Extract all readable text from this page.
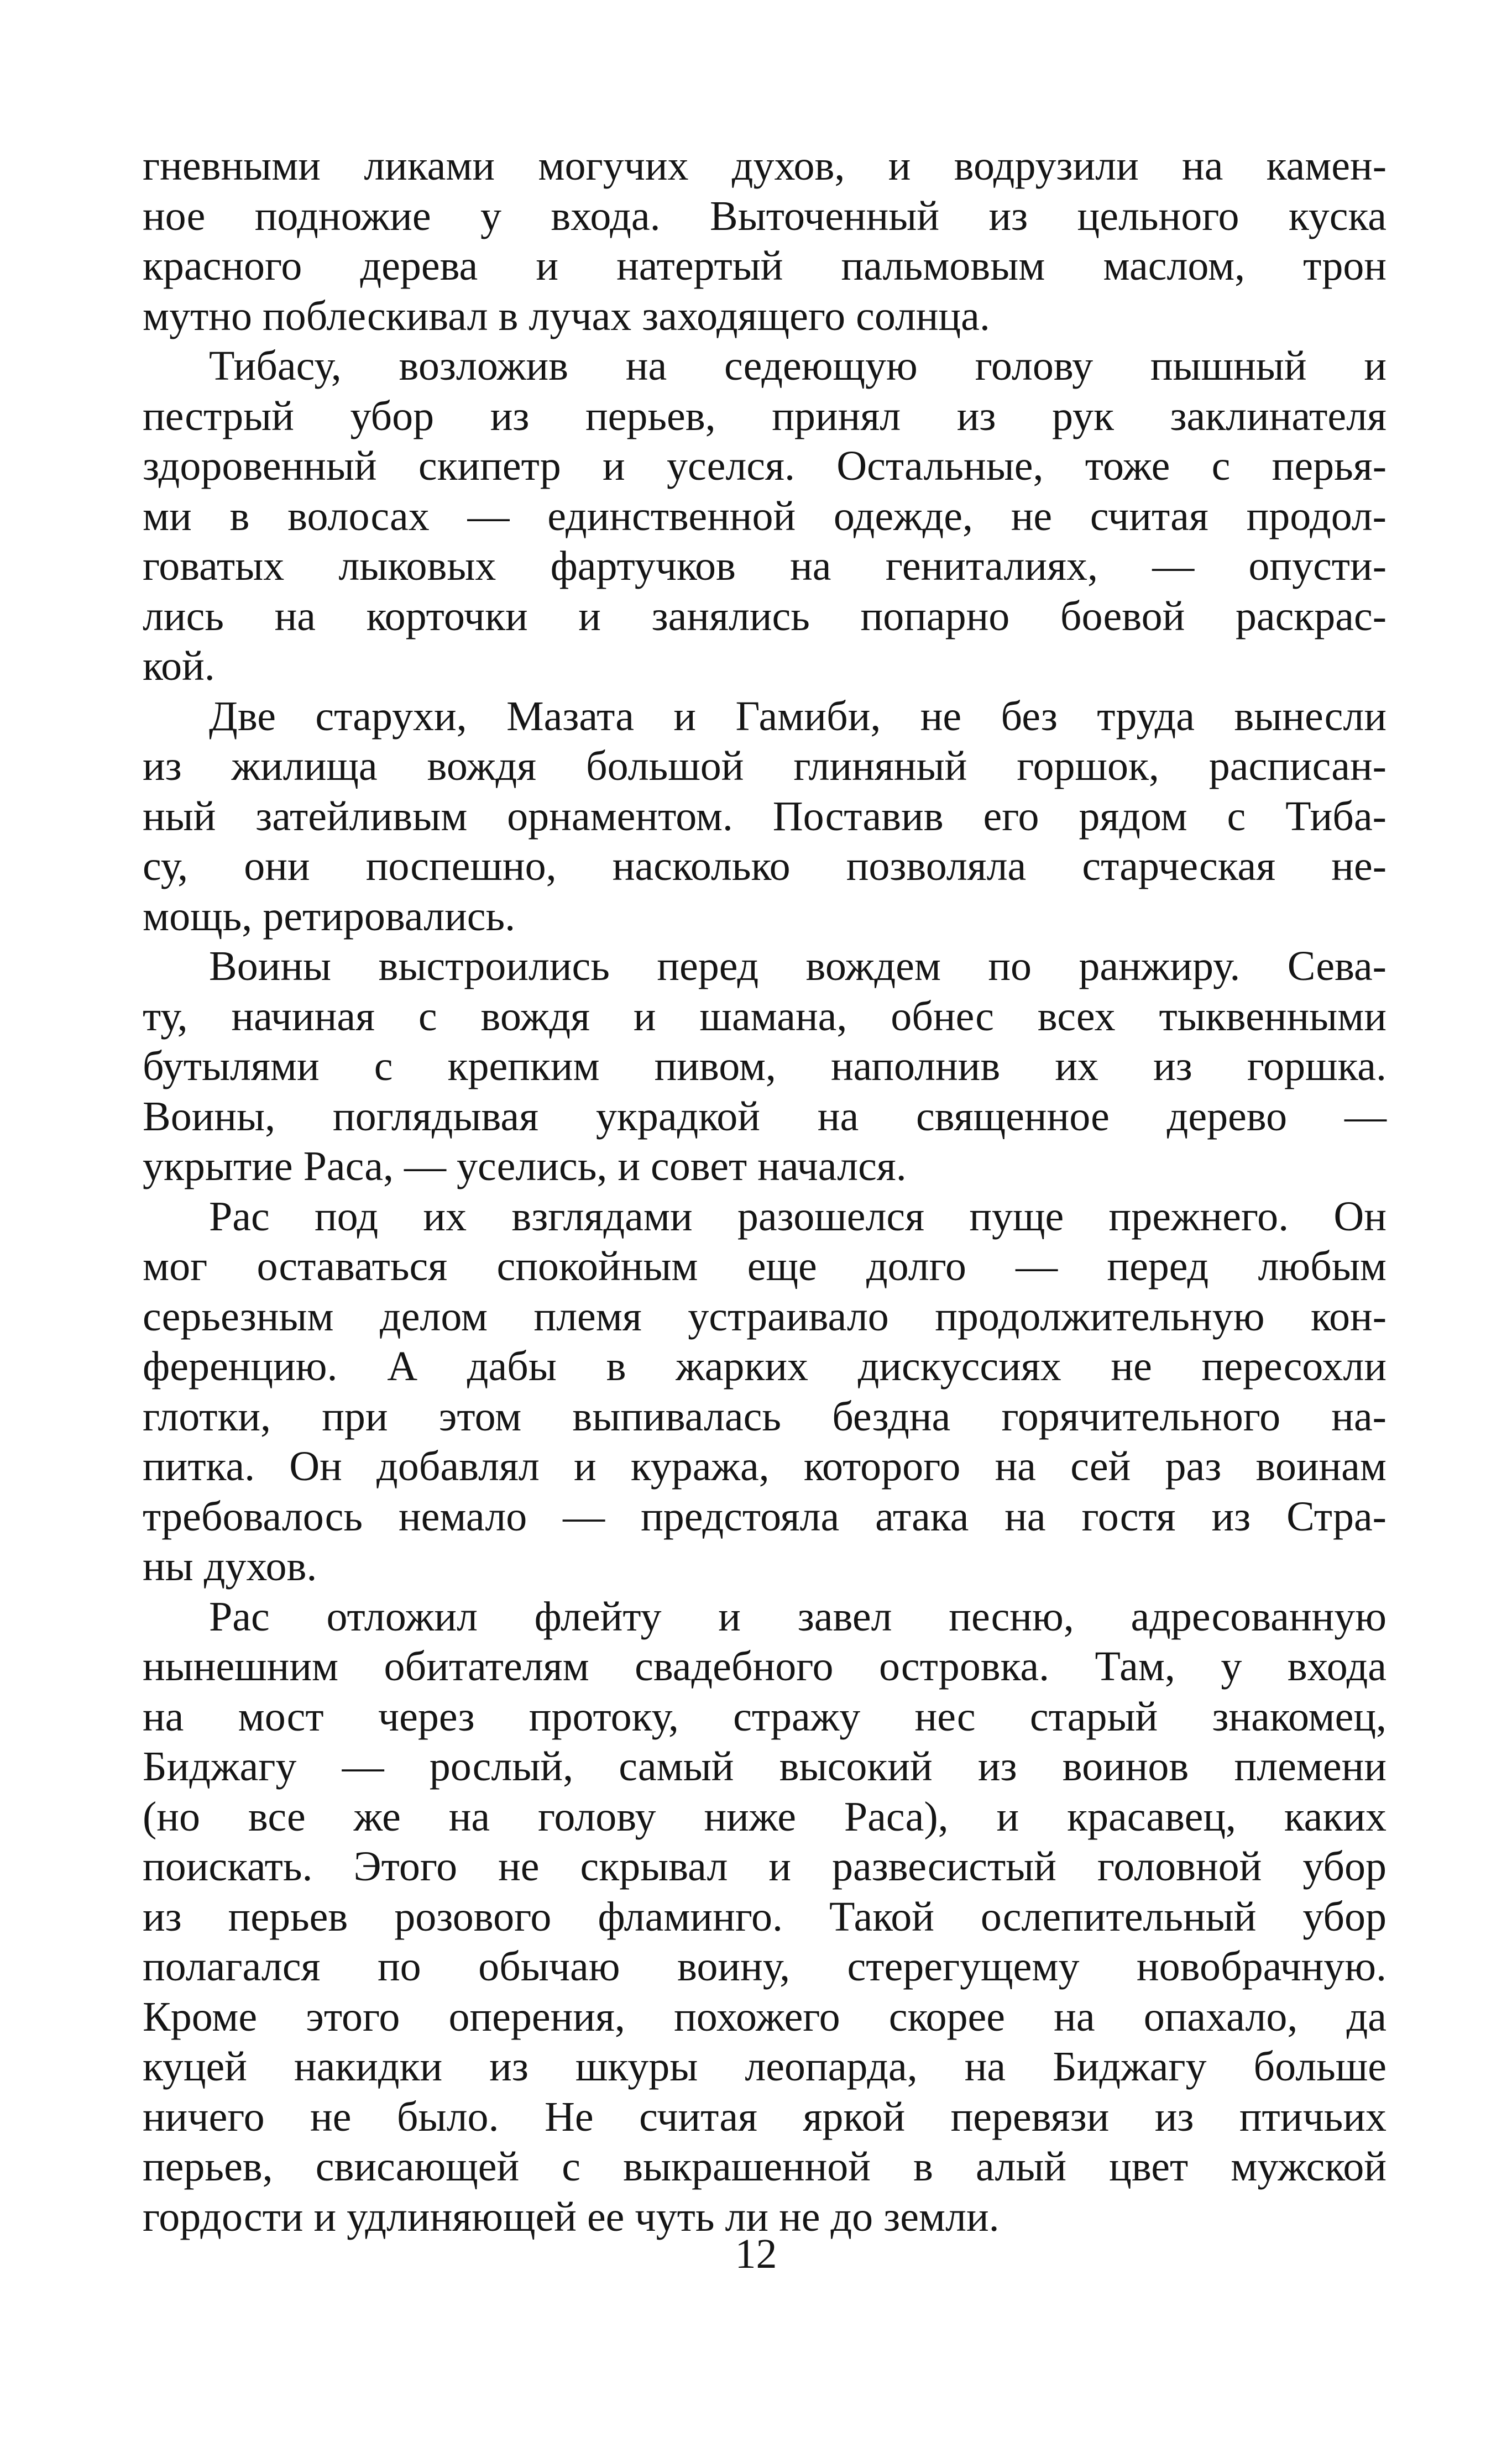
гневными ликами могучих духов, и водрузили на камен-
ное подножие у входа. Выточенный из цельного куска
красного дерева и натертый пальмовым маслом, трон
мутно поблескивал в лучах заходящего солнца.
Тибасу, возложив на седеющую голову пышный и
пестрый убор из перьев, принял из рук заклинателя
здоровенный скипетр и уселся. Остальные, тоже с перья-
ми в волосах — единственной одежде, не считая продол-
говатых лыковых фартучков на гениталиях, — опусти-
лись на корточки и занялись попарно боевой раскрас-
кой.
Две старухи, Мазата и Гамиби, не без труда вынесли
из жилища вождя большой глиняный горшок, расписан-
ный затейливым орнаментом. Поставив его рядом с Тиба-
су, они поспешно, насколько позволяла старческая не-
мощь, ретировались.
Воины выстроились перед вождем по ранжиру. Сева-
ту, начиная с вождя и шамана, обнес всех тыквенными
бутылями с крепким пивом, наполнив их из горшка.
Воины, поглядывая украдкой на священное дерево —
укрытие Раса, — уселись, и совет начался.
Рас под их взглядами разошелся пуще прежнего. Он
мог оставаться спокойным еще долго — перед любым
серьезным делом племя устраивало продолжительную кон-
ференцию. А дабы в жарких дискуссиях не пересохли
глотки, при этом выпивалась бездна горячительного на-
питка. Он добавлял и куража, которого на сей раз воинам
требовалось немало — предстояла атака на гостя из Стра-
ны духов.
Рас отложил флейту и завел песню, адресованную
нынешним обитателям свадебного островка. Там, у входа
на мост через протоку, стражу нес старый знакомец,
Биджагу — рослый, самый высокий из воинов племени
(но все же на голову ниже Раса), и красавец, каких
поискать. Этого не скрывал и развесистый головной убор
из перьев розового фламинго. Такой ослепительный убор
полагался по обычаю воину, стерегущему новобрачную.
Кроме этого оперения, похожего скорее на опахало, да
куцей накидки из шкуры леопарда, на Биджагу больше
ничего не было. Не считая яркой перевязи из птичьих
перьев, свисающей с выкрашенной в алый цвет мужской
гордости и удлиняющей ее чуть ли не до земли.
12
